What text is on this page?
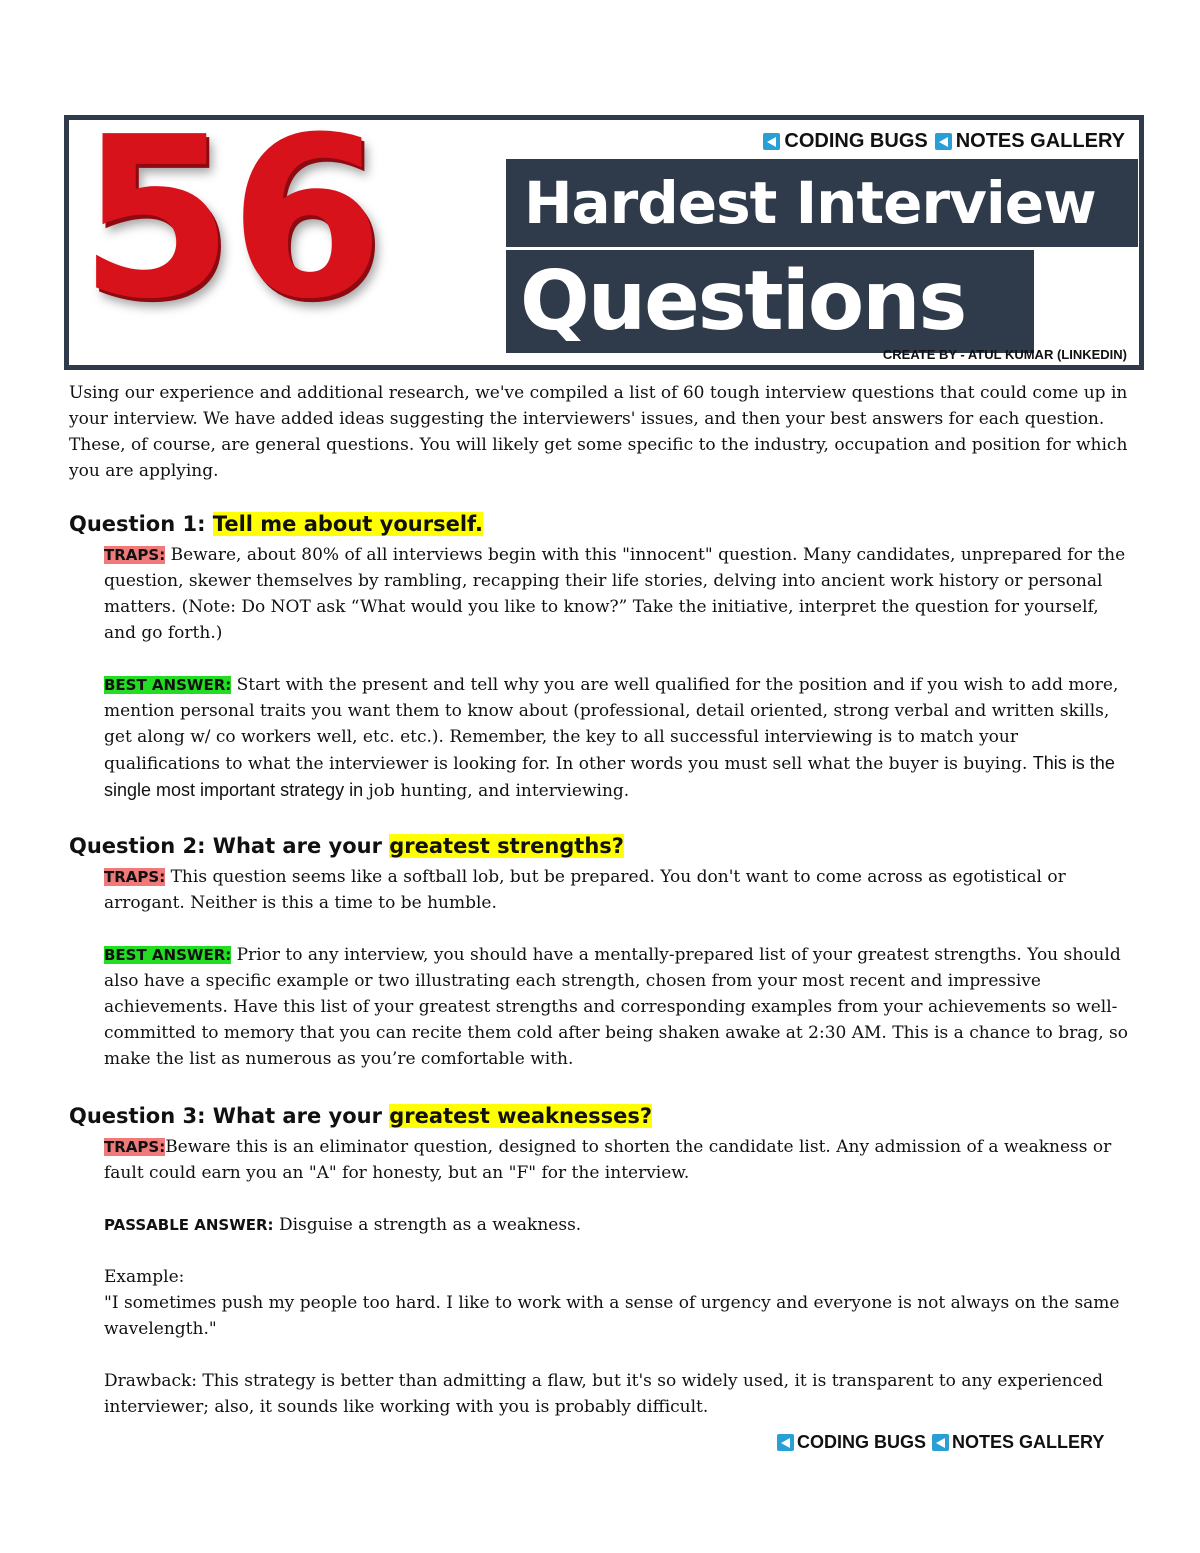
56	CODING BUGS NOTES GALLERY
Hardest Interview
Questions
CREATE BY - ATUL KUMAR (LINKEDIN)
Using our experience and additional research, we've compiled a list of 60 tough interview questions that could come up in your interview. We have added ideas suggesting the interviewers' issues, and then your best answers for each question. These, of course, are general questions. You will likely get some specific to the industry, occupation and position for which you are applying.
Question 1: Tell me about yourself.
TRAPS: Beware, about 80% of all interviews begin with this "innocent" question. Many candidates, unprepared for the question, skewer themselves by rambling, recapping their life stories, delving into ancient work history or personal matters. (Note: Do NOT ask “What would you like to know?” Take the initiative, interpret the question for yourself, and go forth.)
BEST ANSWER: Start with the present and tell why you are well qualified for the position and if you wish to add more, mention personal traits you want them to know about (professional, detail oriented, strong verbal and written skills, get along w/ co workers well, etc. etc.). Remember, the key to all successful interviewing is to match your qualifications to what the interviewer is looking for. In other words you must sell what the buyer is buying. This is the single most important strategy in job hunting, and interviewing.
Question 2: What are your greatest strengths?
TRAPS: This question seems like a softball lob, but be prepared. You don't want to come across as egotistical or arrogant. Neither is this a time to be humble.
BEST ANSWER: Prior to any interview, you should have a mentally-prepared list of your greatest strengths. You should also have a specific example or two illustrating each strength, chosen from your most recent and impressive achievements. Have this list of your greatest strengths and corresponding examples from your achievements so well-committed to memory that you can recite them cold after being shaken awake at 2:30 AM. This is a chance to brag, so make the list as numerous as you’re comfortable with.
Question 3: What are your greatest weaknesses?
TRAPS:Beware this is an eliminator question, designed to shorten the candidate list. Any admission of a weakness or fault could earn you an "A" for honesty, but an "F" for the interview.
PASSABLE ANSWER: Disguise a strength as a weakness.
Example:
"I sometimes push my people too hard. I like to work with a sense of urgency and everyone is not always on the same wavelength."
Drawback: This strategy is better than admitting a flaw, but it's so widely used, it is transparent to any experienced interviewer; also, it sounds like working with you is probably difficult.
CODING BUGS NOTES GALLERY
